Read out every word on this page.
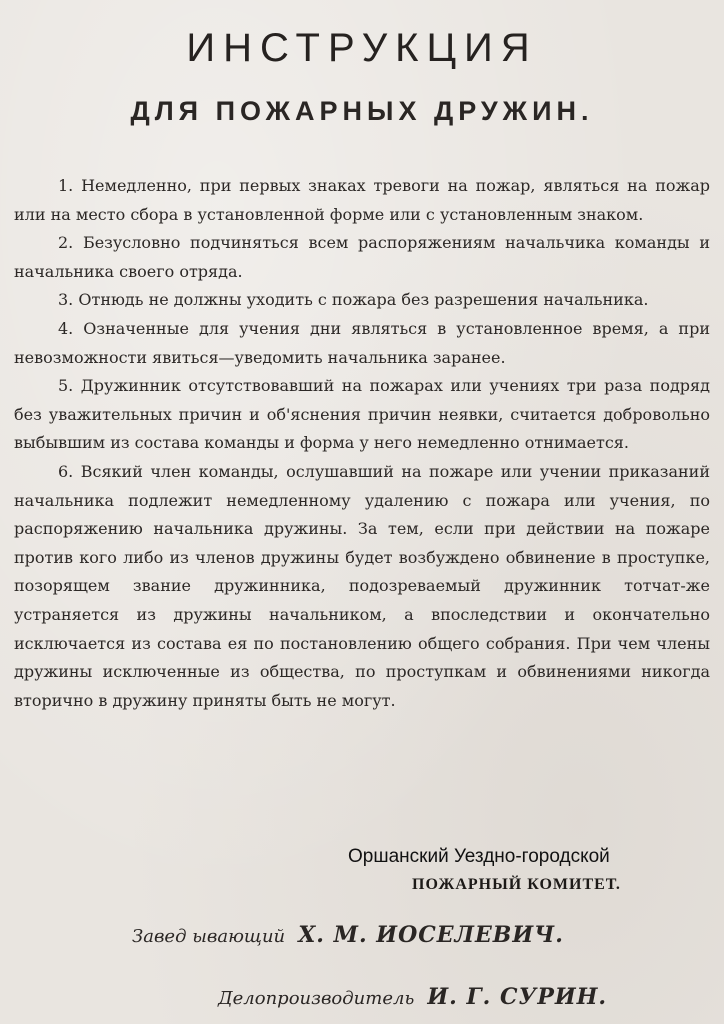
ИНСТРУКЦИЯ
ДЛЯ ПОЖАРНЫХ ДРУЖИН.

1. Немедленно, при первых знаках тревоги на пожар, являться на пожар или на место сбора в установленной форме или с установленным знаком.

2. Безусловно подчиняться всем распоряжениям начальчика команды и начальника своего отряда.

3. Отнюдь не должны уходить с пожара без разрешения начальника.

4. Означенные для учения дни являться в установленное время, а при невозможности явиться—уведомить начальника заранее.

5. Дружинник отсутствовавший на пожарах или учениях три раза подряд без уважительных причин и об'яснения причин неявки, считается добровольно выбывшим из состава команды и форма у него немедленно отнимается.

6. Всякий член команды, ослушавший на пожаре или учении приказаний начальника подлежит немедленному удалению с пожара или учения, по распоряжению начальника дружины. За тем, если при действии на пожаре против кого либо из членов дружины будет возбуждено обвинение в проступке, позорящем звание дружинника, подозреваемый дружинник тотчат-же устраняется из дружины начальником, а впоследствии и окончательно исключается из состава ея по постановлению общего собрания. При чем члены дружины исключенные из общества, по проступкам и обвинениями никогда вторично в дружину приняты быть не могут.

Оршанский Уездно-городской
ПОЖАРНЫЙ КОМИТЕТ.
Завед ывающий Х. М. ИОСЕЛЕВИЧ.
Делопроизводитель И. Г. СУРИН.
